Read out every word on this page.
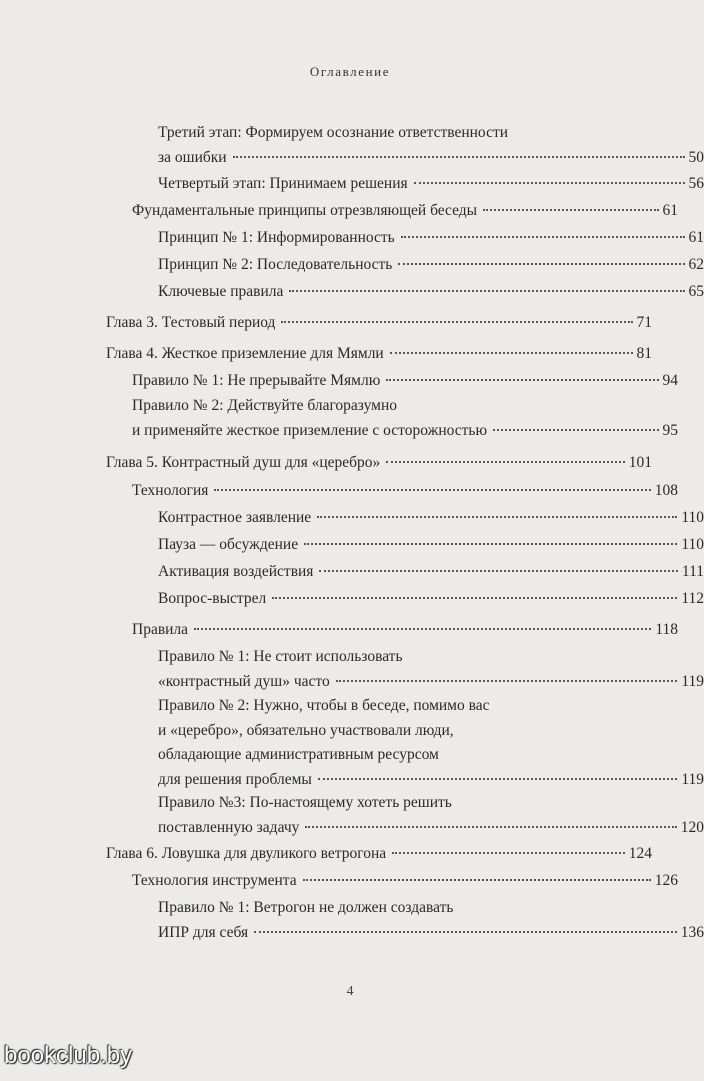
Оглавление
Третий этап: Формируем осознание ответственности
за ошибки	50
Четвертый этап: Принимаем решения	56
Фундаментальные принципы отрезвляющей беседы	61
Принцип № 1: Информированность	61
Принцип № 2: Последовательность	62
Ключевые правила	65
Глава 3. Тестовый период	71
Глава 4. Жесткое приземление для Мямли	81
Правило № 1: Не прерывайте Мямлю	94
Правило № 2: Действуйте благоразумно
и применяйте жесткое приземление с осторожностью	95
Глава 5. Контрастный душ для «церебро»	101
Технология	108
Контрастное заявление	110
Пауза — обсуждение	110
Активация воздействия	111
Вопрос-выстрел	112
Правила	118
Правило № 1: Не стоит использовать
«контрастный душ» часто	119
Правило № 2: Нужно, чтобы в беседе, помимо вас
и «церебро», обязательно участвовали люди,
обладающие административным ресурсом
для решения проблемы	119
Правило №3: По-настоящему хотеть решить
поставленную задачу	120
Глава 6. Ловушка для двуликого ветрогона	124
Технология инструмента	126
Правило № 1: Ветрогон не должен создавать
ИПР для себя	136
4
bookclub.by
